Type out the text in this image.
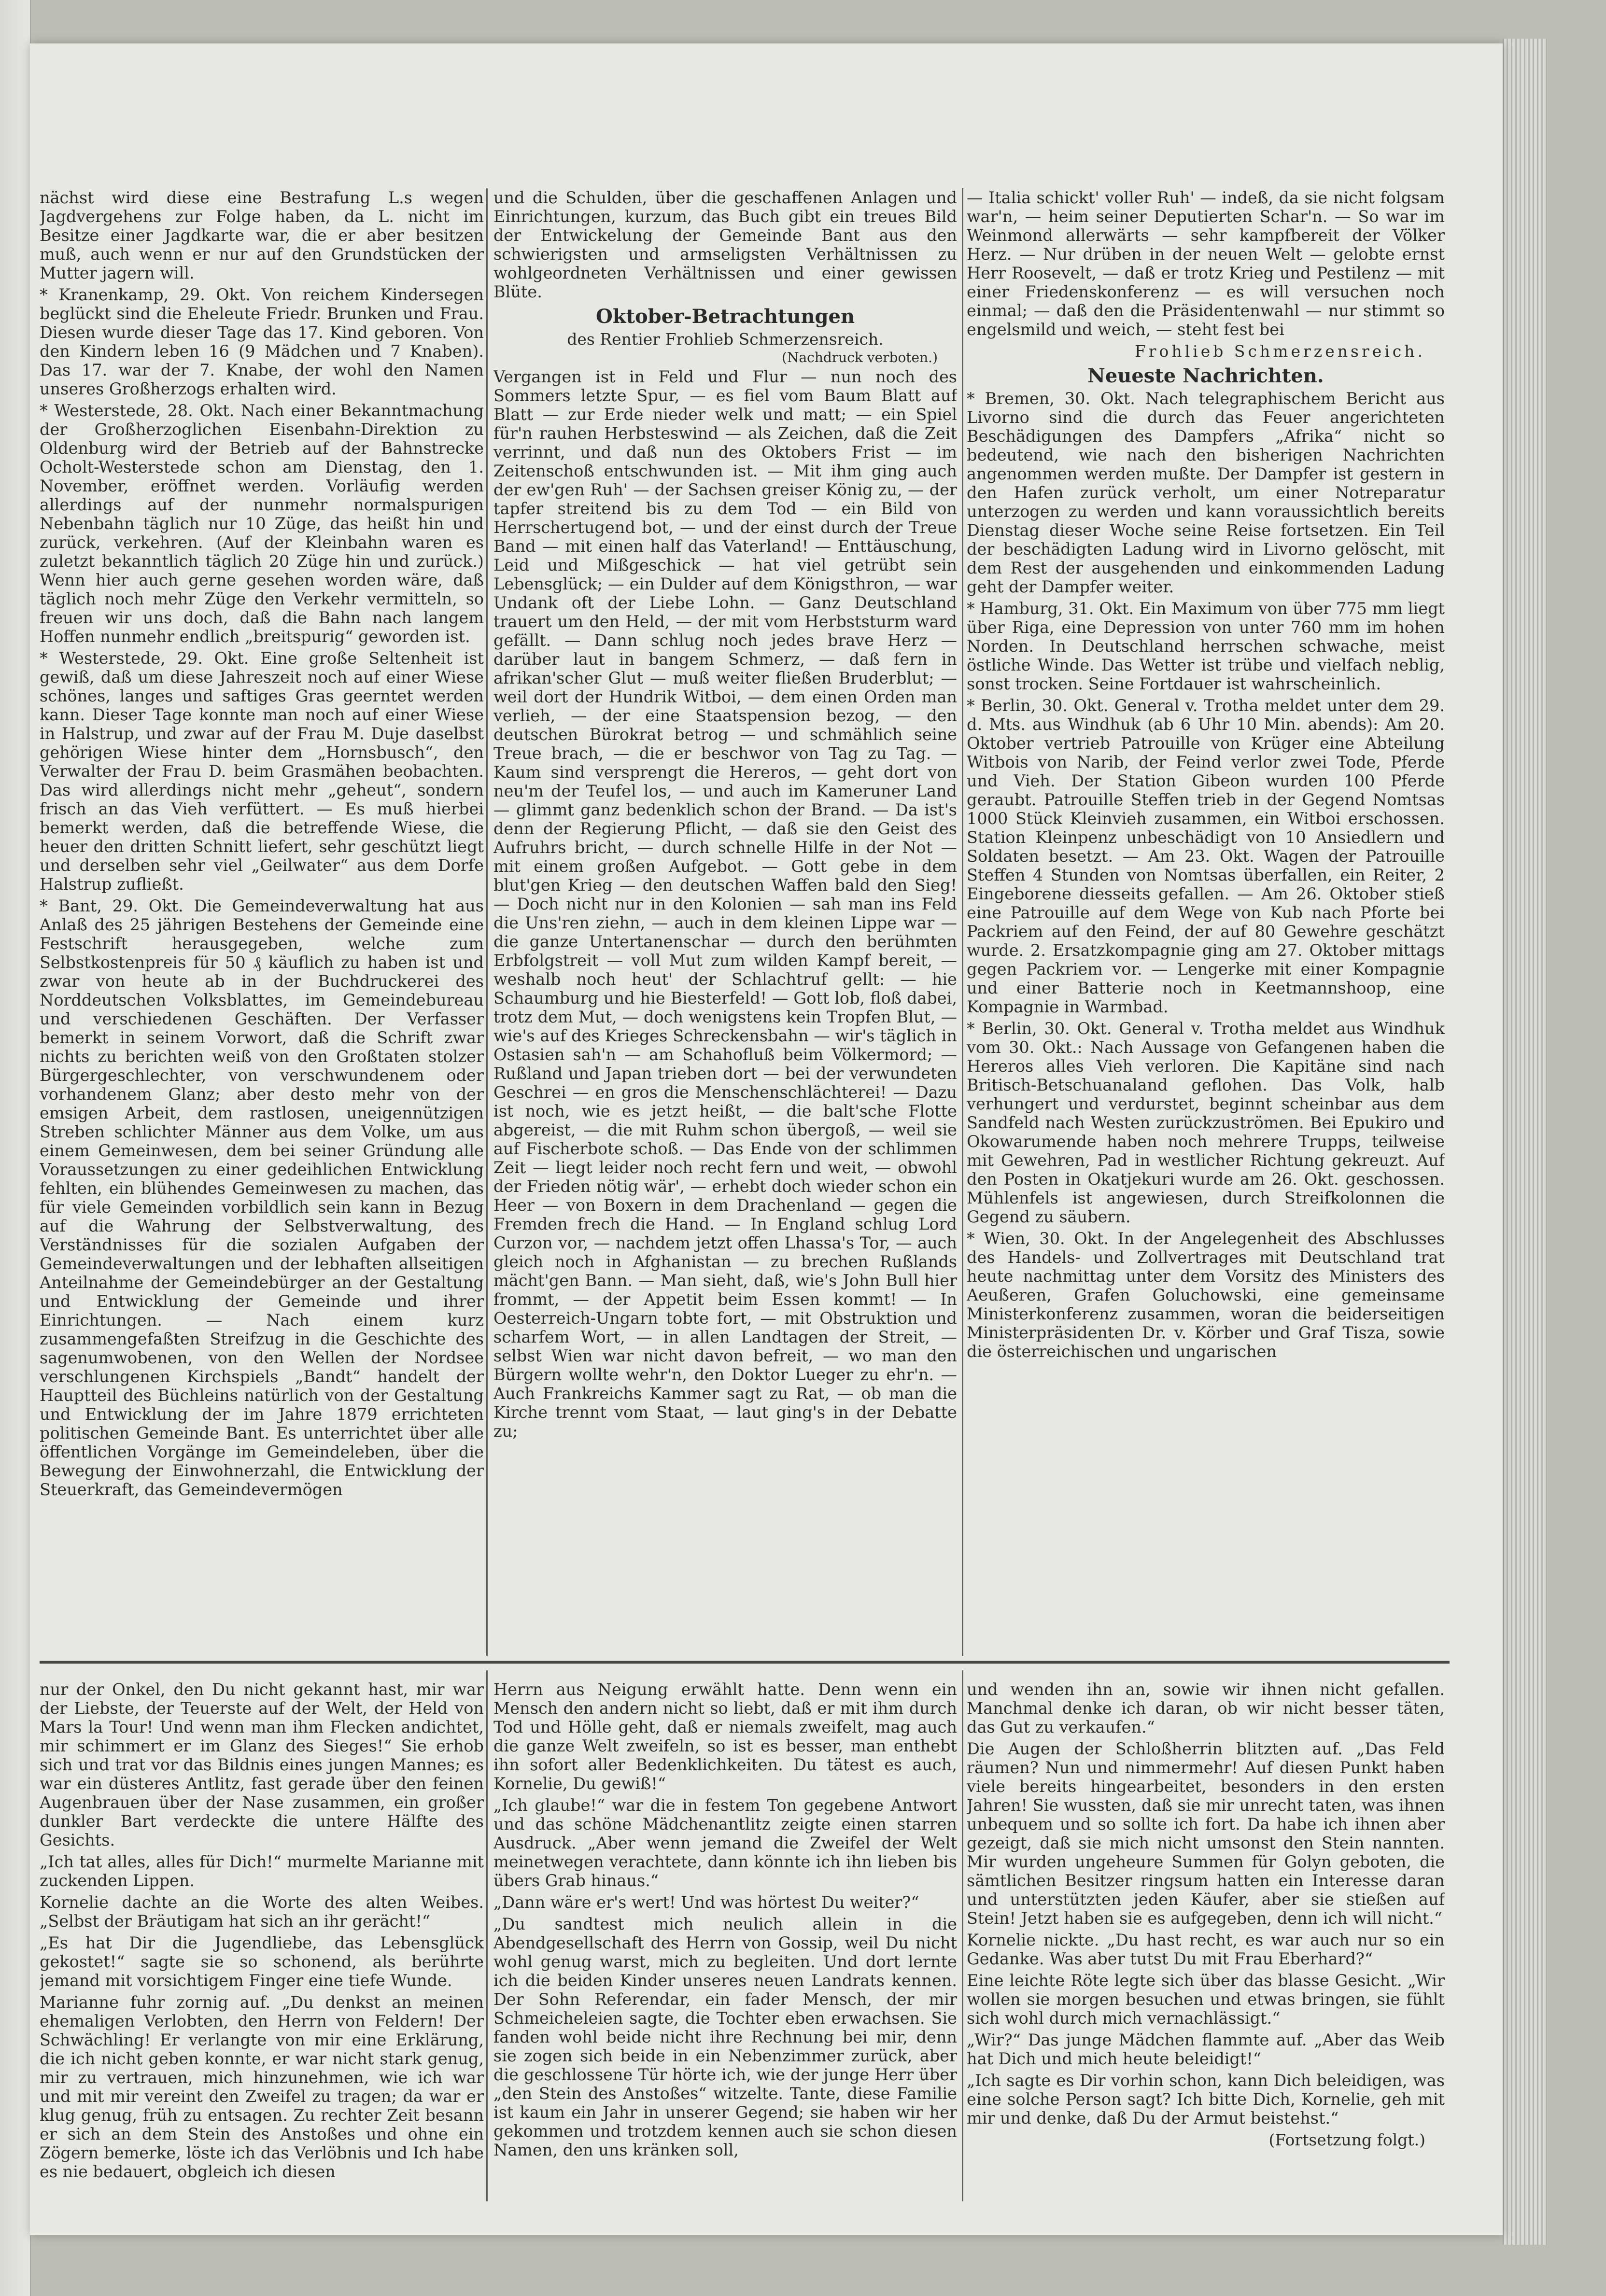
nächst wird diese eine Bestrafung L.s wegen Jagdvergehens zur Folge haben, da L. nicht im Besitze einer Jagdkarte war, die er aber besitzen muß, auch wenn er nur auf den Grundstücken der Mutter jagern will.

* Kranenkamp, 29. Okt. Von reichem Kindersegen beglückt sind die Eheleute Friedr. Brunken und Frau. Diesen wurde dieser Tage das 17. Kind geboren. Von den Kindern leben 16 (9 Mädchen und 7 Knaben). Das 17. war der 7. Knabe, der wohl den Namen unseres Großherzogs erhalten wird.

* Westerstede, 28. Okt. Nach einer Bekanntmachung der Großherzoglichen Eisenbahn-Direktion zu Oldenburg wird der Betrieb auf der Bahnstrecke Ocholt-Westerstede schon am Dienstag, den 1. November, eröffnet werden. Vorläufig werden allerdings auf der nunmehr normalspurigen Nebenbahn täglich nur 10 Züge, das heißt hin und zurück, verkehren. (Auf der Kleinbahn waren es zuletzt bekanntlich täglich 20 Züge hin und zurück.) Wenn hier auch gerne gesehen worden wäre, daß täglich noch mehr Züge den Verkehr vermitteln, so freuen wir uns doch, daß die Bahn nach langem Hoffen nunmehr endlich „breitspurig“ geworden ist.

* Westerstede, 29. Okt. Eine große Seltenheit ist gewiß, daß um diese Jahreszeit noch auf einer Wiese schönes, langes und saftiges Gras geerntet werden kann. Dieser Tage konnte man noch auf einer Wiese in Halstrup, und zwar auf der Frau M. Duje daselbst gehörigen Wiese hinter dem „Hornsbusch“, den Verwalter der Frau D. beim Grasmähen beobachten. Das wird allerdings nicht mehr „geheut“, sondern frisch an das Vieh verfüttert. — Es muß hierbei bemerkt werden, daß die betreffende Wiese, die heuer den dritten Schnitt liefert, sehr geschützt liegt und derselben sehr viel „Geilwater“ aus dem Dorfe Halstrup zufließt.

* Bant, 29. Okt. Die Gemeindeverwaltung hat aus Anlaß des 25 jährigen Bestehens der Gemeinde eine Festschrift herausgegeben, welche zum Selbstkostenpreis für 50 ₰ käuflich zu haben ist und zwar von heute ab in der Buchdruckerei des Norddeutschen Volksblattes, im Gemeindebureau und verschiedenen Geschäften. Der Verfasser bemerkt in seinem Vorwort, daß die Schrift zwar nichts zu berichten weiß von den Großtaten stolzer Bürgergeschlechter, von verschwundenem oder vorhandenem Glanz; aber desto mehr von der emsigen Arbeit, dem rastlosen, uneigennützigen Streben schlichter Männer aus dem Volke, um aus einem Gemeinwesen, dem bei seiner Gründung alle Voraussetzungen zu einer gedeihlichen Entwicklung fehlten, ein blühendes Gemeinwesen zu machen, das für viele Gemeinden vorbildlich sein kann in Bezug auf die Wahrung der Selbstverwaltung, des Verständnisses für die sozialen Aufgaben der Gemeindeverwaltungen und der lebhaften allseitigen Anteilnahme der Gemeindebürger an der Gestaltung und Entwicklung der Gemeinde und ihrer Einrichtungen. — Nach einem kurz zusammengefaßten Streifzug in die Geschichte des sagenumwobenen, von den Wellen der Nordsee verschlungenen Kirchspiels „Bandt“ handelt der Hauptteil des Büchleins natürlich von der Gestaltung und Entwicklung der im Jahre 1879 errichteten politischen Gemeinde Bant. Es unterrichtet über alle öffentlichen Vorgänge im Gemeindeleben, über die Bewegung der Einwohnerzahl, die Entwicklung der Steuerkraft, das Gemeindevermögen

und die Schulden, über die geschaffenen Anlagen und Einrichtungen, kurzum, das Buch gibt ein treues Bild der Entwickelung der Gemeinde Bant aus den schwierigsten und armseligsten Verhältnissen zu wohlgeordneten Verhältnissen und einer gewissen Blüte.

Oktober-Betrachtungen
des Rentier Frohlieb Schmerzensreich.
(Nachdruck verboten.)

Vergangen ist in Feld und Flur — nun noch des Sommers letzte Spur, — es fiel vom Baum Blatt auf Blatt — zur Erde nieder welk und matt; — ein Spiel für'n rauhen Herbsteswind — als Zeichen, daß die Zeit verrinnt, und daß nun des Oktobers Frist — im Zeitenschoß entschwunden ist. — Mit ihm ging auch der ew'gen Ruh' — der Sachsen greiser König zu, — der tapfer streitend bis zu dem Tod — ein Bild von Herrschertugend bot, — und der einst durch der Treue Band — mit einen half das Vaterland! — Enttäuschung, Leid und Mißgeschick — hat viel getrübt sein Lebensglück; — ein Dulder auf dem Königsthron, — war Undank oft der Liebe Lohn. — Ganz Deutschland trauert um den Held, — der mit vom Herbststurm ward gefällt. — Dann schlug noch jedes brave Herz — darüber laut in bangem Schmerz, — daß fern in afrikan'scher Glut — muß weiter fließen Bruderblut; — weil dort der Hundrik Witboi, — dem einen Orden man verlieh, — der eine Staatspension bezog, — den deutschen Bürokrat betrog — und schmählich seine Treue brach, — die er beschwor von Tag zu Tag. — Kaum sind versprengt die Hereros, — geht dort von neu'm der Teufel los, — und auch im Kameruner Land — glimmt ganz bedenklich schon der Brand. — Da ist's denn der Regierung Pflicht, — daß sie den Geist des Aufruhrs bricht, — durch schnelle Hilfe in der Not — mit einem großen Aufgebot. — Gott gebe in dem blut'gen Krieg — den deutschen Waffen bald den Sieg! — Doch nicht nur in den Kolonien — sah man ins Feld die Uns'ren ziehn, — auch in dem kleinen Lippe war — die ganze Untertanenschar — durch den berühmten Erbfolgstreit — voll Mut zum wilden Kampf bereit, — weshalb noch heut' der Schlachtruf gellt: — hie Schaumburg und hie Biesterfeld! — Gott lob, floß dabei, trotz dem Mut, — doch wenigstens kein Tropfen Blut, — wie's auf des Krieges Schreckensbahn — wir's täglich in Ostasien sah'n — am Schahofluß beim Völkermord; — Rußland und Japan trieben dort — bei der verwundeten Geschrei — en gros die Menschenschlächterei! — Dazu ist noch, wie es jetzt heißt, — die balt'sche Flotte abgereist, — die mit Ruhm schon übergoß, — weil sie auf Fischerbote schoß. — Das Ende von der schlimmen Zeit — liegt leider noch recht fern und weit, — obwohl der Frieden nötig wär', — erhebt doch wieder schon ein Heer — von Boxern in dem Drachenland — gegen die Fremden frech die Hand. — In England schlug Lord Curzon vor, — nachdem jetzt offen Lhassa's Tor, — auch gleich noch in Afghanistan — zu brechen Rußlands mächt'gen Bann. — Man sieht, daß, wie's John Bull hier frommt, — der Appetit beim Essen kommt! — In Oesterreich-Ungarn tobte fort, — mit Obstruktion und scharfem Wort, — in allen Landtagen der Streit, — selbst Wien war nicht davon befreit, — wo man den Bürgern wollte wehr'n, den Doktor Lueger zu ehr'n. — Auch Frankreichs Kammer sagt zu Rat, — ob man die Kirche trennt vom Staat, — laut ging's in der Debatte zu;

— Italia schickt' voller Ruh' — indeß, da sie nicht folgsam war'n, — heim seiner Deputierten Schar'n. — So war im Weinmond allerwärts — sehr kampfbereit der Völker Herz. — Nur drüben in der neuen Welt — gelobte ernst Herr Roosevelt, — daß er trotz Krieg und Pestilenz — mit einer Friedenskonferenz — es will versuchen noch einmal; — daß den die Präsidentenwahl — nur stimmt so engelsmild und weich, — steht fest bei

Frohlieb Schmerzensreich.
Neueste Nachrichten.

* Bremen, 30. Okt. Nach telegraphischem Bericht aus Livorno sind die durch das Feuer angerichteten Beschädigungen des Dampfers „Afrika“ nicht so bedeutend, wie nach den bisherigen Nachrichten angenommen werden mußte. Der Dampfer ist gestern in den Hafen zurück verholt, um einer Notreparatur unterzogen zu werden und kann voraussichtlich bereits Dienstag dieser Woche seine Reise fortsetzen. Ein Teil der beschädigten Ladung wird in Livorno gelöscht, mit dem Rest der ausgehenden und einkommenden Ladung geht der Dampfer weiter.

* Hamburg, 31. Okt. Ein Maximum von über 775 mm liegt über Riga, eine Depression von unter 760 mm im hohen Norden. In Deutschland herrschen schwache, meist östliche Winde. Das Wetter ist trübe und vielfach neblig, sonst trocken. Seine Fortdauer ist wahrscheinlich.

* Berlin, 30. Okt. General v. Trotha meldet unter dem 29. d. Mts. aus Windhuk (ab 6 Uhr 10 Min. abends): Am 20. Oktober vertrieb Patrouille von Krüger eine Abteilung Witbois von Narib, der Feind verlor zwei Tode, Pferde und Vieh. Der Station Gibeon wurden 100 Pferde geraubt. Patrouille Steffen trieb in der Gegend Nomtsas 1000 Stück Kleinvieh zusammen, ein Witboi erschossen. Station Kleinpenz unbeschädigt von 10 Ansiedlern und Soldaten besetzt. — Am 23. Okt. Wagen der Patrouille Steffen 4 Stunden von Nomtsas überfallen, ein Reiter, 2 Eingeborene diesseits gefallen. — Am 26. Oktober stieß eine Patrouille auf dem Wege von Kub nach Pforte bei Packriem auf den Feind, der auf 80 Gewehre geschätzt wurde. 2. Ersatzkompagnie ging am 27. Oktober mittags gegen Packriem vor. — Lengerke mit einer Kompagnie und einer Batterie noch in Keetmannshoop, eine Kompagnie in Warmbad.

* Berlin, 30. Okt. General v. Trotha meldet aus Windhuk vom 30. Okt.: Nach Aussage von Gefangenen haben die Hereros alles Vieh verloren. Die Kapitäne sind nach Britisch-Betschuanaland geflohen. Das Volk, halb verhungert und verdurstet, beginnt scheinbar aus dem Sandfeld nach Westen zurückzuströmen. Bei Epukiro und Okowarumende haben noch mehrere Trupps, teilweise mit Gewehren, Pad in westlicher Richtung gekreuzt. Auf den Posten in Okatjekuri wurde am 26. Okt. geschossen. Mühlenfels ist angewiesen, durch Streifkolonnen die Gegend zu säubern.

* Wien, 30. Okt. In der Angelegenheit des Abschlusses des Handels- und Zollvertrages mit Deutschland trat heute nachmittag unter dem Vorsitz des Ministers des Aeußeren, Grafen Goluchowski, eine gemeinsame Ministerkonferenz zusammen, woran die beiderseitigen Ministerpräsidenten Dr. v. Körber und Graf Tisza, sowie die österreichischen und ungarischen

nur der Onkel, den Du nicht gekannt hast, mir war der Liebste, der Teuerste auf der Welt, der Held von Mars la Tour! Und wenn man ihm Flecken andichtet, mir schimmert er im Glanz des Sieges!“ Sie erhob sich und trat vor das Bildnis eines jungen Mannes; es war ein düsteres Antlitz, fast gerade über den feinen Augenbrauen über der Nase zusammen, ein großer dunkler Bart verdeckte die untere Hälfte des Gesichts.

„Ich tat alles, alles für Dich!“ murmelte Marianne mit zuckenden Lippen.

Kornelie dachte an die Worte des alten Weibes. „Selbst der Bräutigam hat sich an ihr gerächt!“

„Es hat Dir die Jugendliebe, das Lebensglück gekostet!“ sagte sie so schonend, als berührte jemand mit vorsichtigem Finger eine tiefe Wunde.

Marianne fuhr zornig auf. „Du denkst an meinen ehemaligen Verlobten, den Herrn von Feldern! Der Schwächling! Er verlangte von mir eine Erklärung, die ich nicht geben konnte, er war nicht stark genug, mir zu vertrauen, mich hinzunehmen, wie ich war und mit mir vereint den Zweifel zu tragen; da war er klug genug, früh zu entsagen. Zu rechter Zeit besann er sich an dem Stein des Anstoßes und ohne ein Zögern bemerke, löste ich das Verlöbnis und Ich habe es nie bedauert, obgleich ich diesen

Herrn aus Neigung erwählt hatte. Denn wenn ein Mensch den andern nicht so liebt, daß er mit ihm durch Tod und Hölle geht, daß er niemals zweifelt, mag auch die ganze Welt zweifeln, so ist es besser, man enthebt ihn sofort aller Bedenklichkeiten. Du tätest es auch, Kornelie, Du gewiß!“

„Ich glaube!“ war die in festem Ton gegebene Antwort und das schöne Mädchenantlitz zeigte einen starren Ausdruck. „Aber wenn jemand die Zweifel der Welt meinetwegen verachtete, dann könnte ich ihn lieben bis übers Grab hinaus.“

„Dann wäre er's wert! Und was hörtest Du weiter?“

„Du sandtest mich neulich allein in die Abendgesellschaft des Herrn von Gossip, weil Du nicht wohl genug warst, mich zu begleiten. Und dort lernte ich die beiden Kinder unseres neuen Landrats kennen. Der Sohn Referendar, ein fader Mensch, der mir Schmeicheleien sagte, die Tochter eben erwachsen. Sie fanden wohl beide nicht ihre Rechnung bei mir, denn sie zogen sich beide in ein Nebenzimmer zurück, aber die geschlossene Tür hörte ich, wie der junge Herr über „den Stein des Anstoßes“ witzelte. Tante, diese Familie ist kaum ein Jahr in unserer Gegend; sie haben wir her gekommen und trotzdem kennen auch sie schon diesen Namen, den uns kränken soll,

und wenden ihn an, sowie wir ihnen nicht gefallen. Manchmal denke ich daran, ob wir nicht besser täten, das Gut zu verkaufen.“

Die Augen der Schloßherrin blitzten auf. „Das Feld räumen? Nun und nimmermehr! Auf diesen Punkt haben viele bereits hingearbeitet, besonders in den ersten Jahren! Sie wussten, daß sie mir unrecht taten, was ihnen unbequem und so sollte ich fort. Da habe ich ihnen aber gezeigt, daß sie mich nicht umsonst den Stein nannten. Mir wurden ungeheure Summen für Golyn geboten, die sämtlichen Besitzer ringsum hatten ein Interesse daran und unterstützten jeden Käufer, aber sie stießen auf Stein! Jetzt haben sie es aufgegeben, denn ich will nicht.“

Kornelie nickte. „Du hast recht, es war auch nur so ein Gedanke. Was aber tutst Du mit Frau Eberhard?“

Eine leichte Röte legte sich über das blasse Gesicht. „Wir wollen sie morgen besuchen und etwas bringen, sie fühlt sich wohl durch mich vernachlässigt.“

„Wir?“ Das junge Mädchen flammte auf. „Aber das Weib hat Dich und mich heute beleidigt!“

„Ich sagte es Dir vorhin schon, kann Dich beleidigen, was eine solche Person sagt? Ich bitte Dich, Kornelie, geh mit mir und denke, daß Du der Armut beistehst.“

(Fortsetzung folgt.)
